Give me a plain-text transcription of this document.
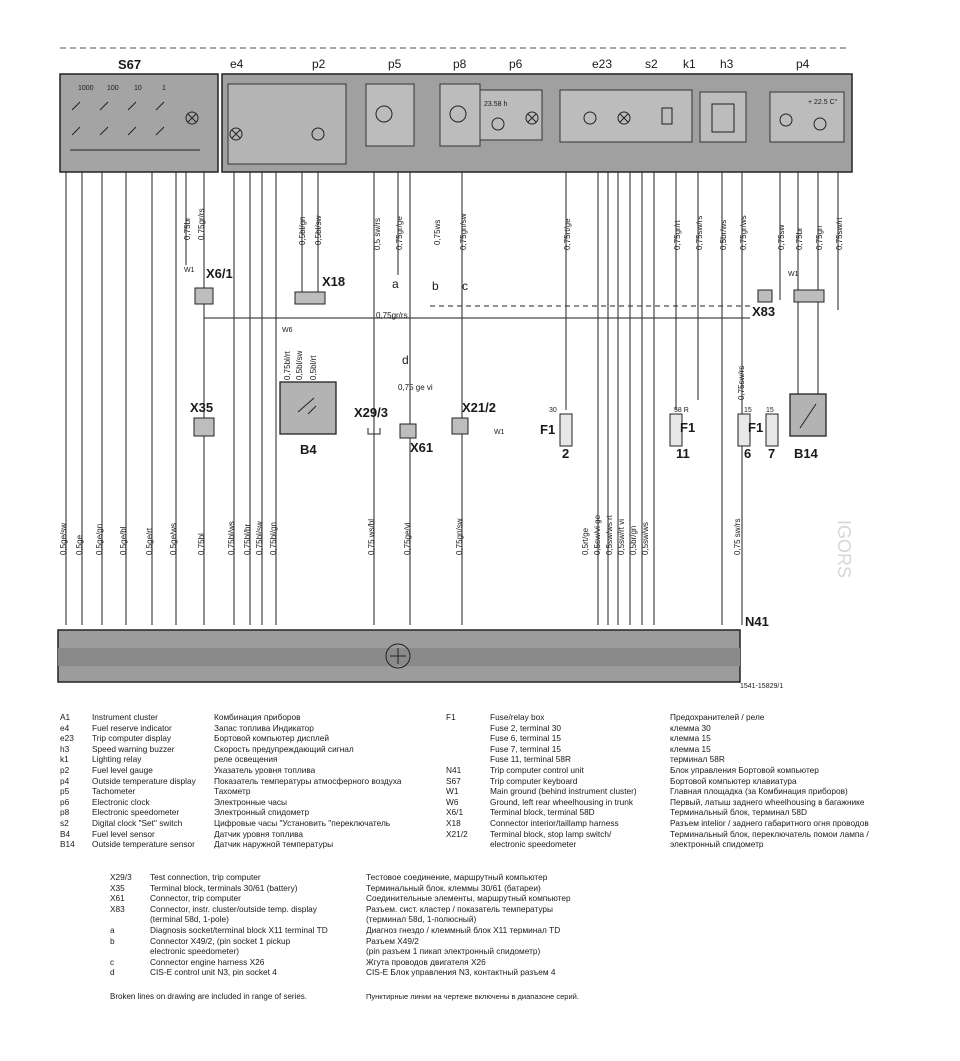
S67
1000 100 10	1
e4	p2	p5	p8	p6	e23	s2 k1 h3	p4
23.58 h	+ 22.5 C°
0,75br 0,75gr/rs	0,5bl/gn 0,5bl/sw	0,5 sw/rs 0,75gr/ge	0,75ws 0,75gn/sw	0,75rt/ge	0,75gr/rt 0,75sw/rs 0,5br/ws 0,75gr/ws	0,75sw 0,75br 0,75gn 0,75sw/rt
0,75bl/rt 0,5bl/sw 0,5bl/rt	0,75sw/rs
0,75gr/rs
X6/1
W1
X18
W6
B4
X35	X29/3
X61
d
0,75 ge vi
X21/2
W1
a	b c
X83
W1
B14
30
F1
2
58 R
F1
11
15
F1
6
15
7
0,5ge/sw 0,5ge 0,5ge/gn 0,5ge/bl 0,5ge/rt 0,5ge/ws 0,75bl	0,75bl/ws 0,75bl/br 0,75bl/sw 0,75bl/gn	0,75 ws/bl	0,75ge/vi	0,75gn/sw	0,5rt/ge 0,5sw/vi ge 0,5sw/ws rt 0,5sw/rt vi 0,5br/gn 0,5sw/ws	0,75 sw/rs
N41
1541-15829/1
IGORS
A1	Instrument cluster	Комбинация приборов
e4	Fuel reserve indicator	Запас топлива Индикатор
e23	Trip computer display	Бортовой компьютер дисплей
h3	Speed warning buzzer	Скорость предупреждающий сигнал
k1	Lighting relay	реле освещения
p2	Fuel level gauge	Указатель уровня топлива
p4	Outside temperature display	Показатель температуры атмосферного воздуха
p5	Tachometer	Тахометр
p6	Electronic clock	Электронные часы
p8	Electronic speedometer	Электронный спидометр
s2	Digital clock "Set" switch	Цифровые часы "Установить "переключатель
B4	Fuel level sensor	Датчик уровня топлива
B14	Outside temperature sensor	Датчик наружной температуры
F1	Fuse/relay box	Предохранителей / реле
Fuse 2, terminal 30	клемма 30
Fuse 6, terminal 15	клемма 15
Fuse 7, terminal 15	клемма 15
Fuse 11, terminal 58R	терминал 58R
N41	Trip computer control unit	Блок управления Бортовой компьютер
S67	Trip computer keyboard	Бортовой компьютер клавиатура
W1	Main ground (behind instrument cluster)	Главная площадка (за Комбинация приборов)
W6	Ground, left rear wheelhousing in trunk	Первый, латыш заднего wheelhousing в багажнике
X6/1	Terminal block, terminal 58D	Терминальный блок, терминал 58D
X18	Connector interior/taillamp harness	Разъем intelior / заднего габаритного огня проводов
X21/2	Terminal block, stop lamp switch/	Терминальный блок, переключатель помои лампа /
electronic speedometer	электронный спидометр
X29/3	Test connection, trip computer	Тестовое соединение, маршрутный компьютер
X35	Terminal block, terminals 30/61 (battery)	Терминальный блок. клеммы 30/61 (батареи)
X61	Connector, trip computer	Соединительные элементы, маршрутный компьютер
X83	Connector, instr. cluster/outside temp. display	Разъем. сист. кластер / показатель температуры
(terminal 58d, 1-pole)	(терминал 58d, 1-полюсный)
a	Diagnosis socket/terminal block X11 terminal TD	Диагноз гнездо / клеммный блок X11 терминал TD
b	Connector X49/2, (pin socket 1 pickup	Разъем X49/2
electronic speedometer)	(pin разъем 1 пикап электронный спидометр)
c	Connector engine harness X26	Жгута проводов двигателя X26
d	CIS-E control unit N3, pin socket 4	CIS-E Блок управления N3, контактный разъем 4
Broken lines on drawing are included in range of series.	Пунктирные линии на чертеже включены в диапазоне серий.
